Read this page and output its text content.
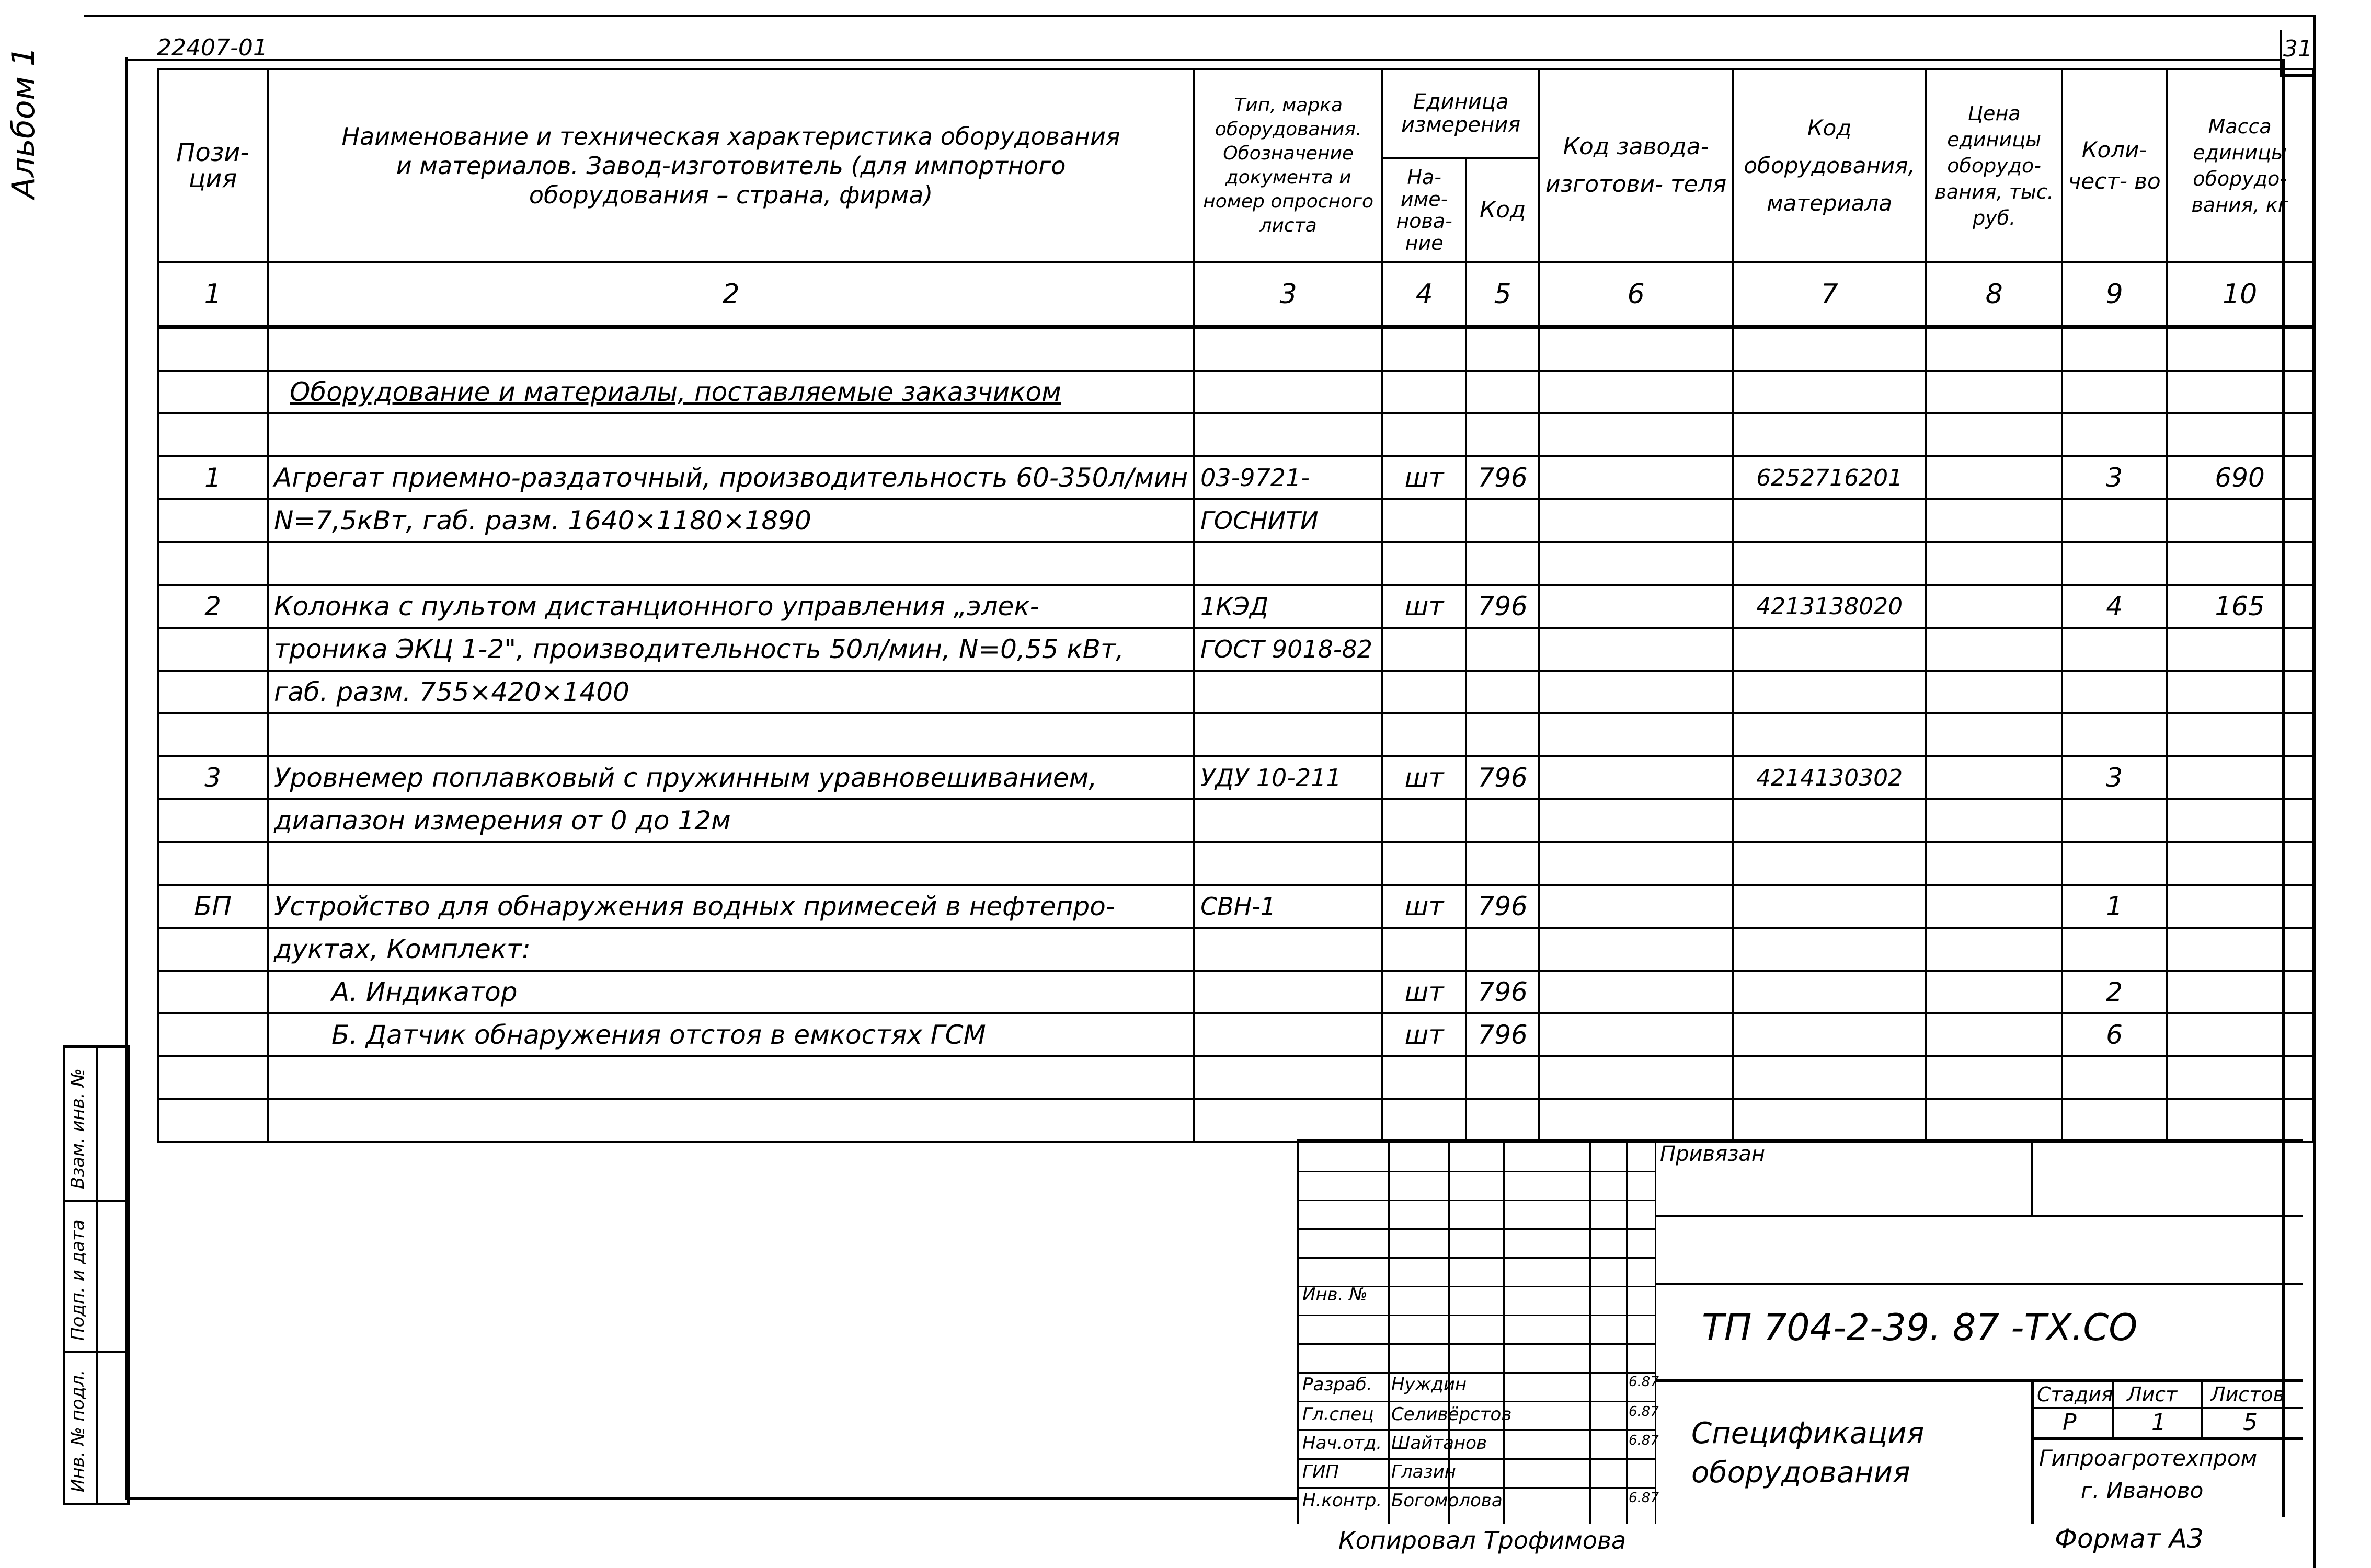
31
22407-01
Альбом 1
Взам. инв. №
Подп. и дата
Инв. № подл.
Пози- ция	Наименование и техническая характеристика оборудования и материалов. Завод-изготовитель (для импортного оборудования – страна, фирма)	Тип, марка оборудования. Обозначение документа и номер опросного листа	Единица измерения		Код завода- изготови- теля	Код оборудования, материала	Цена единицы оборудо- вания, тыс. руб.	Коли- чест- во	Масса единицы оборудо- вания, кг
			На- име- нова- ние	Код					
1	2	3	4	5	6	7	8	9	10

	Оборудование и материалы, поставляемые заказчиком								

1	Агрегат приемно-раздаточный, производительность 60-350л/мин	03-9721-	шт	796		6252716201		3	690
	N=7,5кВт, габ. разм. 1640×1180×1890	ГОСНИТИ							

2	Колонка с пультом дистанционного управления „элек-	1КЭД	шт	796		4213138020		4	165
	троника ЭКЦ 1-2", производительность 50л/мин, N=0,55 кВт,	ГОСТ 9018-82							
	габ. разм. 755×420×1400								

3	Уровнемер поплавковый с пружинным уравновешиванием,	УДУ 10-211	шт	796		4214130302		3	
	диапазон измерения от 0 до 12м								

БП	Устройство для обнаружения водных примесей в нефтепро-	СВН-1	шт	796				1	
	дуктах, Комплект:								
	А. Индикатор		шт	796				2	
	Б. Датчик обнаружения отстоя в емкостях ГСМ		шт	796				6	

Инв. №
Разраб. Нуждин	6.87
Гл.спец Селивёрстов	6.87
Нач.отд. Шайтанов	6.87
ГИП	Глазин
Н.контр. Богомолова	6.87
Привязан
ТП 704-2-39. 87 -ТХ.СО
Спецификация
оборудования
Стадия Лист Листов
Р	1	5
Гипроагротехпром
г. Иваново
Копировал Трофимова	Формат А3
